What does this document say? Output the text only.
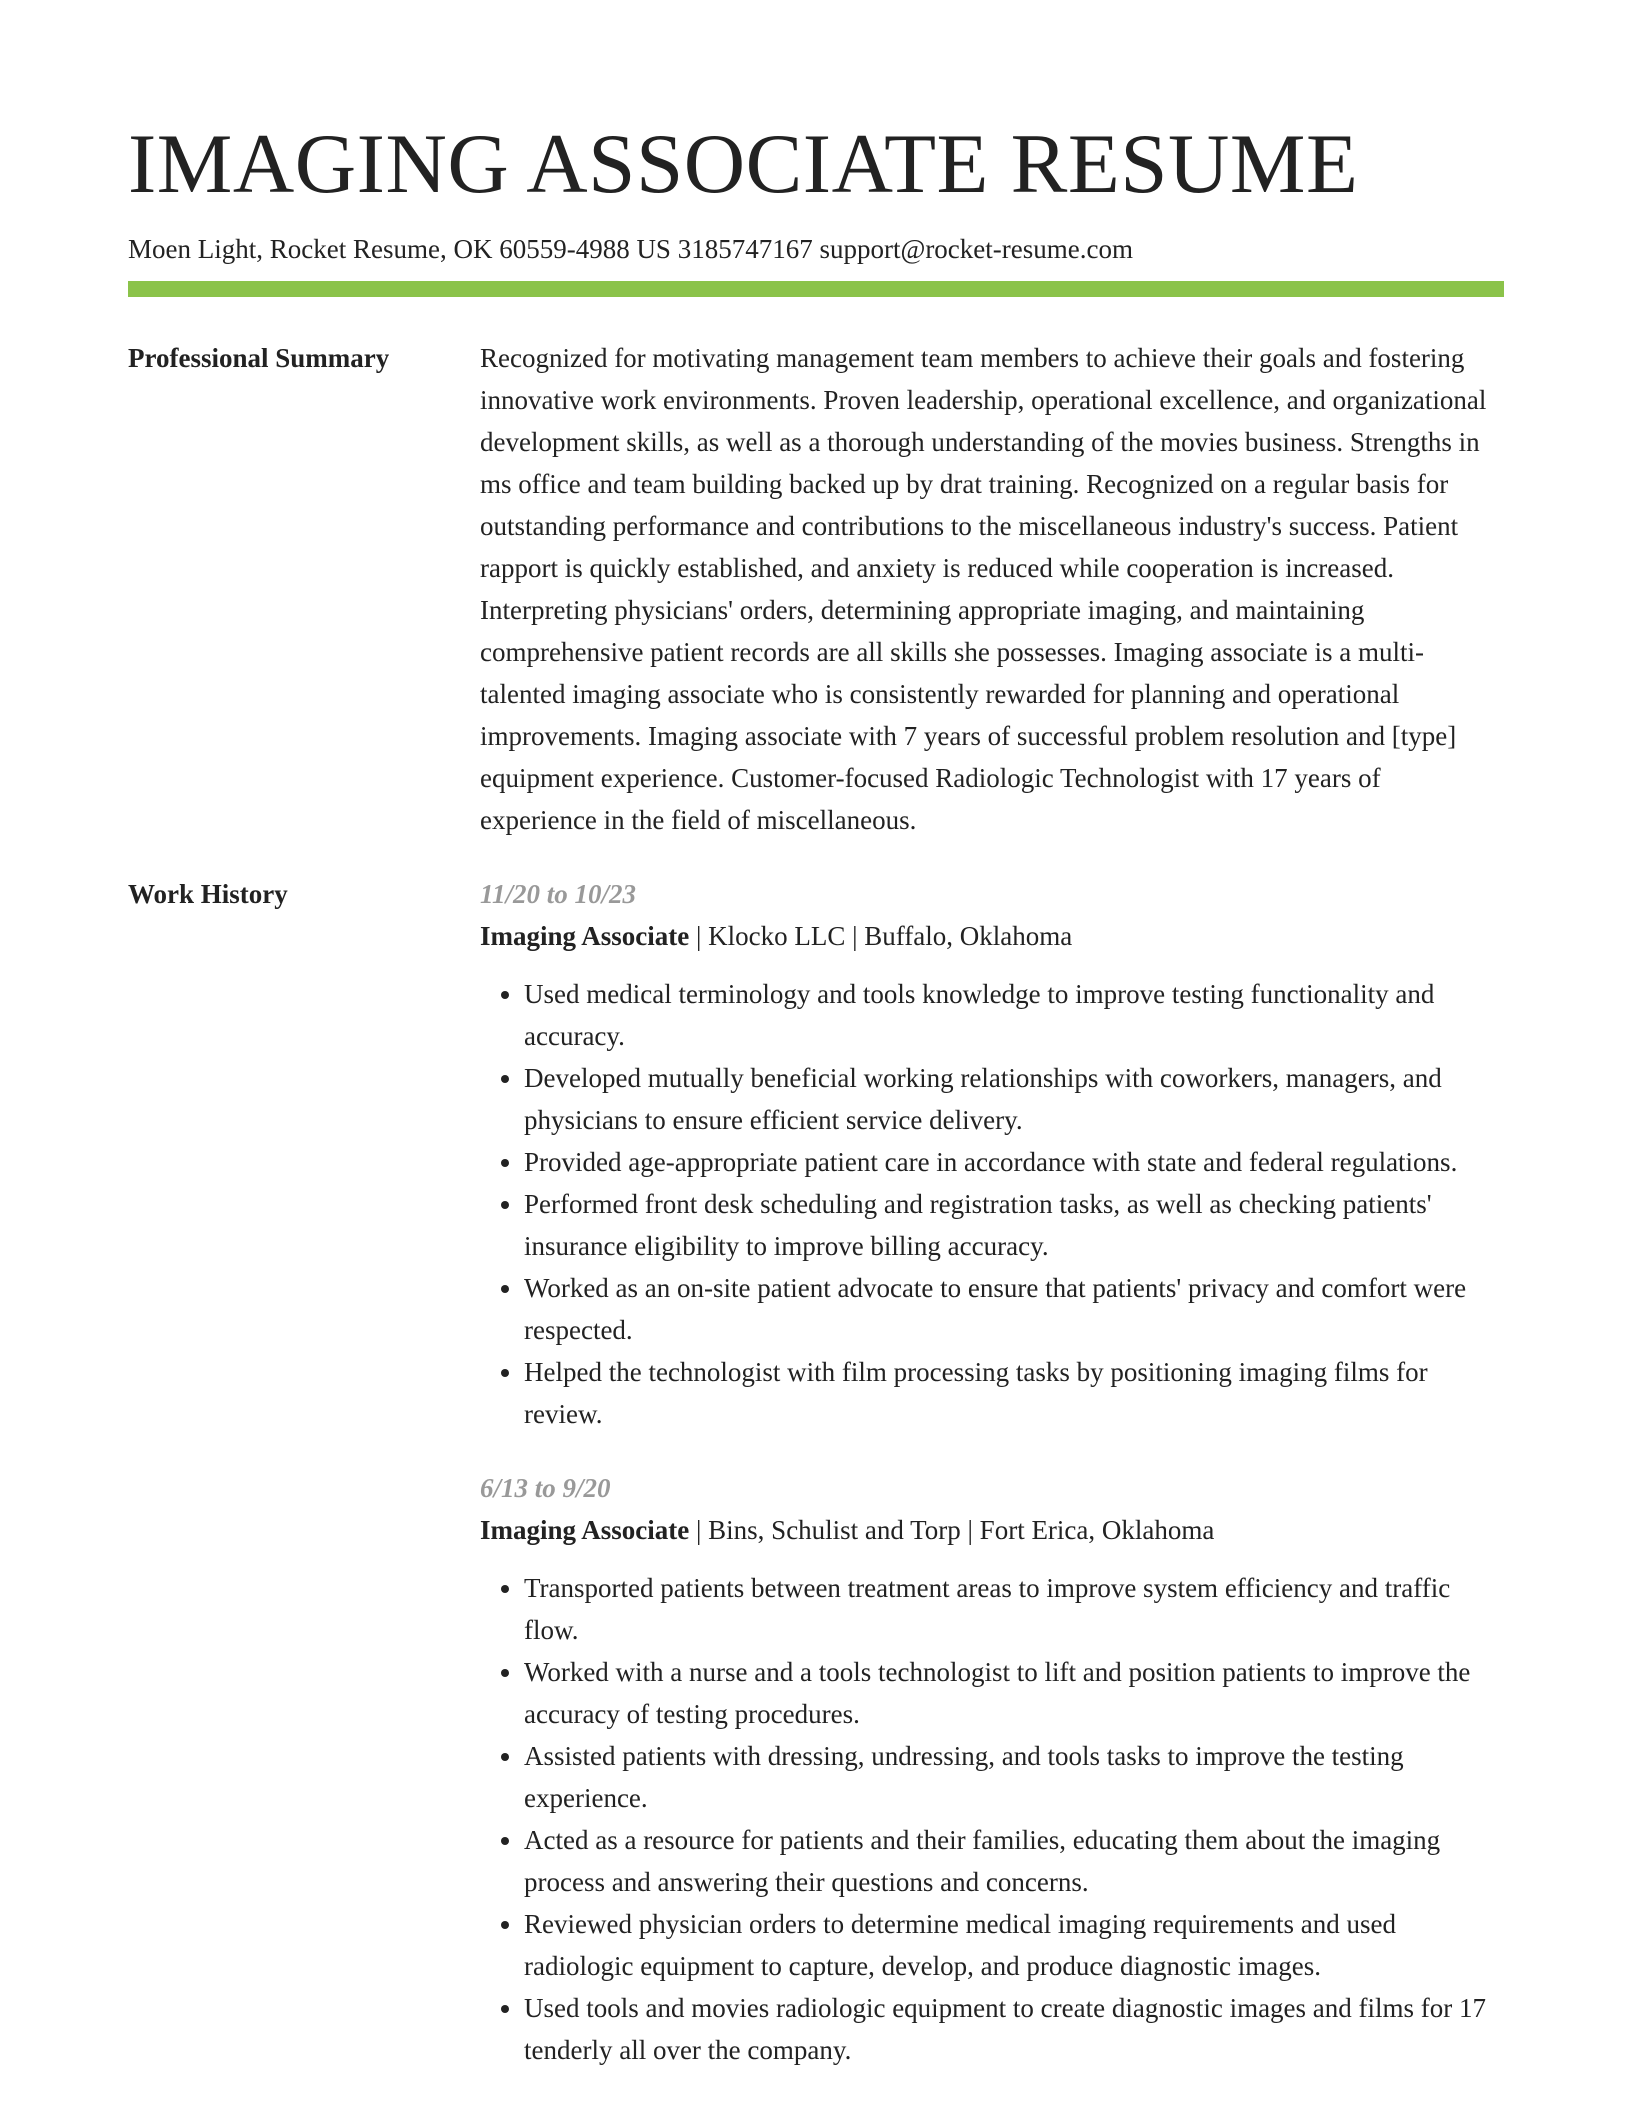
IMAGING ASSOCIATE RESUME
Moen Light, Rocket Resume, OK 60559-4988 US 3185747167 support@rocket-resume.com
Professional Summary	Recognized for motivating management team members to achieve their goals and fostering innovative work environments. Proven leadership, operational excellence, and organizational development skills, as well as a thorough understanding of the movies business. Strengths in ms office and team building backed up by drat training. Recognized on a regular basis for outstanding performance and contributions to the miscellaneous industry's success. Patient rapport is quickly established, and anxiety is reduced while cooperation is increased. Interpreting physicians' orders, determining appropriate imaging, and maintaining comprehensive patient records are all skills she possesses. Imaging associate is a multi-talented imaging associate who is consistently rewarded for planning and operational improvements. Imaging associate with 7 years of successful problem resolution and [type] equipment experience. Customer-focused Radiologic Technologist with 17 years of experience in the field of miscellaneous.

Work History	11/20 to 10/23
Imaging Associate | Klocko LLC | Buffalo, Oklahoma
• Used medical terminology and tools knowledge to improve testing functionality and accuracy.
• Developed mutually beneficial working relationships with coworkers, managers, and physicians to ensure efficient service delivery.
• Provided age-appropriate patient care in accordance with state and federal regulations.
• Performed front desk scheduling and registration tasks, as well as checking patients' insurance eligibility to improve billing accuracy.
• Worked as an on-site patient advocate to ensure that patients' privacy and comfort were respected.
• Helped the technologist with film processing tasks by positioning imaging films for review.
6/13 to 9/20
Imaging Associate | Bins, Schulist and Torp | Fort Erica, Oklahoma
• Transported patients between treatment areas to improve system efficiency and traffic flow.
• Worked with a nurse and a tools technologist to lift and position patients to improve the accuracy of testing procedures.
• Assisted patients with dressing, undressing, and tools tasks to improve the testing experience.
• Acted as a resource for patients and their families, educating them about the imaging process and answering their questions and concerns.
• Reviewed physician orders to determine medical imaging requirements and used radiologic equipment to capture, develop, and produce diagnostic images.
• Used tools and movies radiologic equipment to create diagnostic images and films for 17 tenderly all over the company.
